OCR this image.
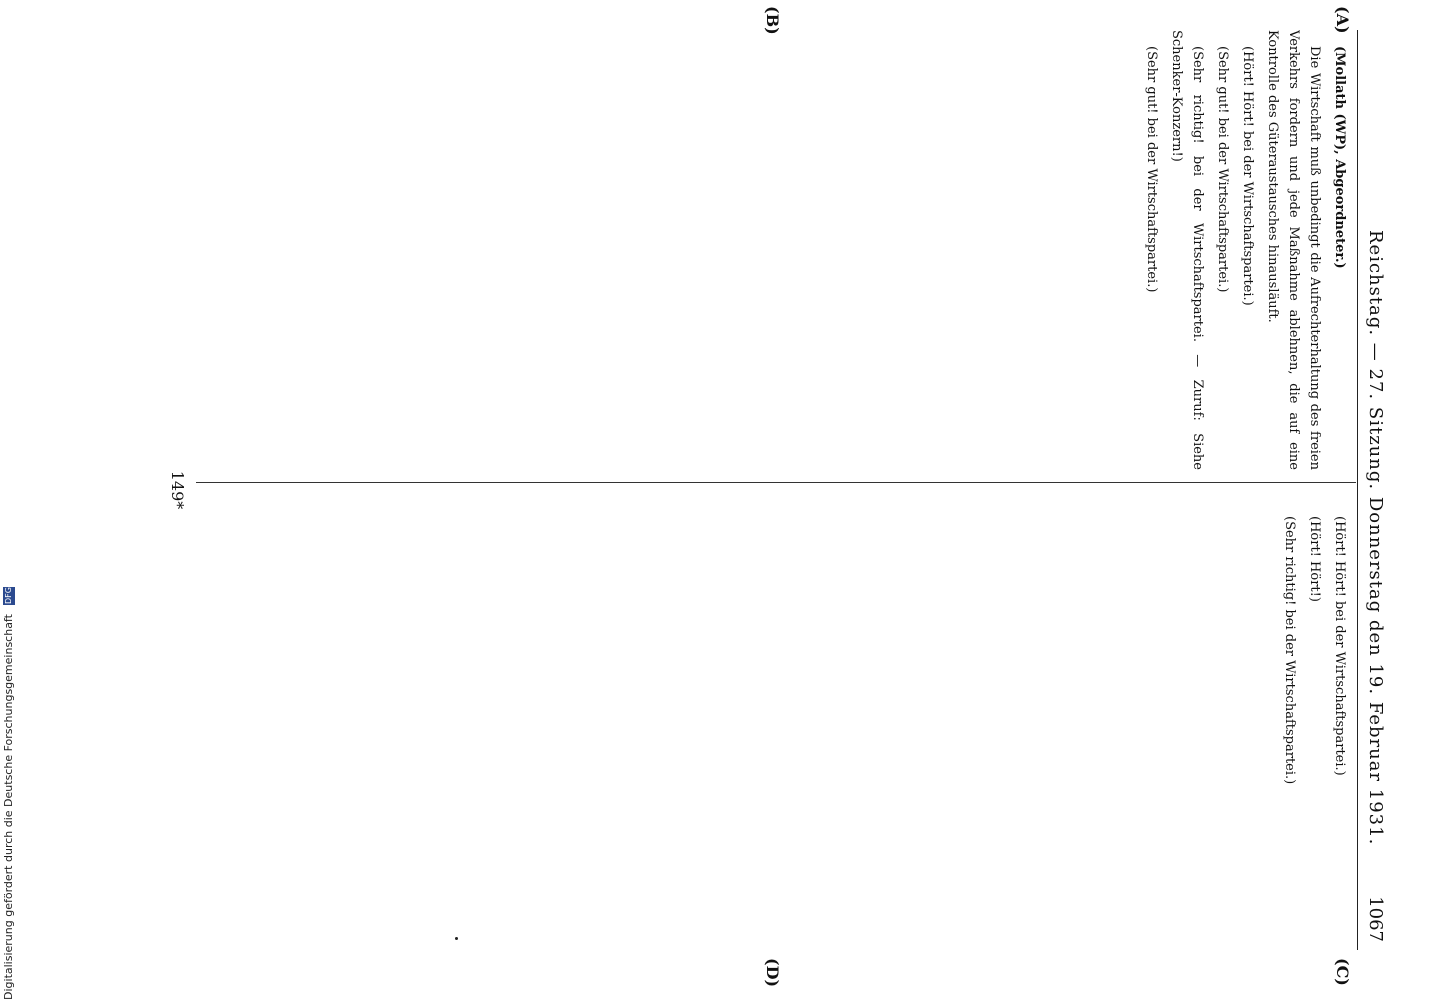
Reichstag. — 27. Sitzung. Donnerstag den 19. Februar 1931.
1067
(A)
(B)
(C)
(D)

(Mollath (WP), Abgeordneter.)

Die Wirtschaft muß unbedingt die Aufrechterhaltung des freien Verkehrs fordern und jede Maßnahme ablehnen, die auf eine Kontrolle des Güteraustausches hinausläuft.

(Hört! Hört! bei der Wirtschaftspartei.)

(Sehr gut! bei der Wirtschaftspartei.)

(Sehr richtig! bei der Wirtschaftspartei. — Zuruf: Siehe Schenker-Konzern!)

(Sehr gut! bei der Wirtschaftspartei.)

(Hört! Hört! bei der Wirtschaftspartei.)

(Hört! Hört!)

(Sehr richtig! bei der Wirtschaftspartei.)

149*
Digitalisierung gefördert durch die Deutsche Forschungsgemeinschaft DFG
